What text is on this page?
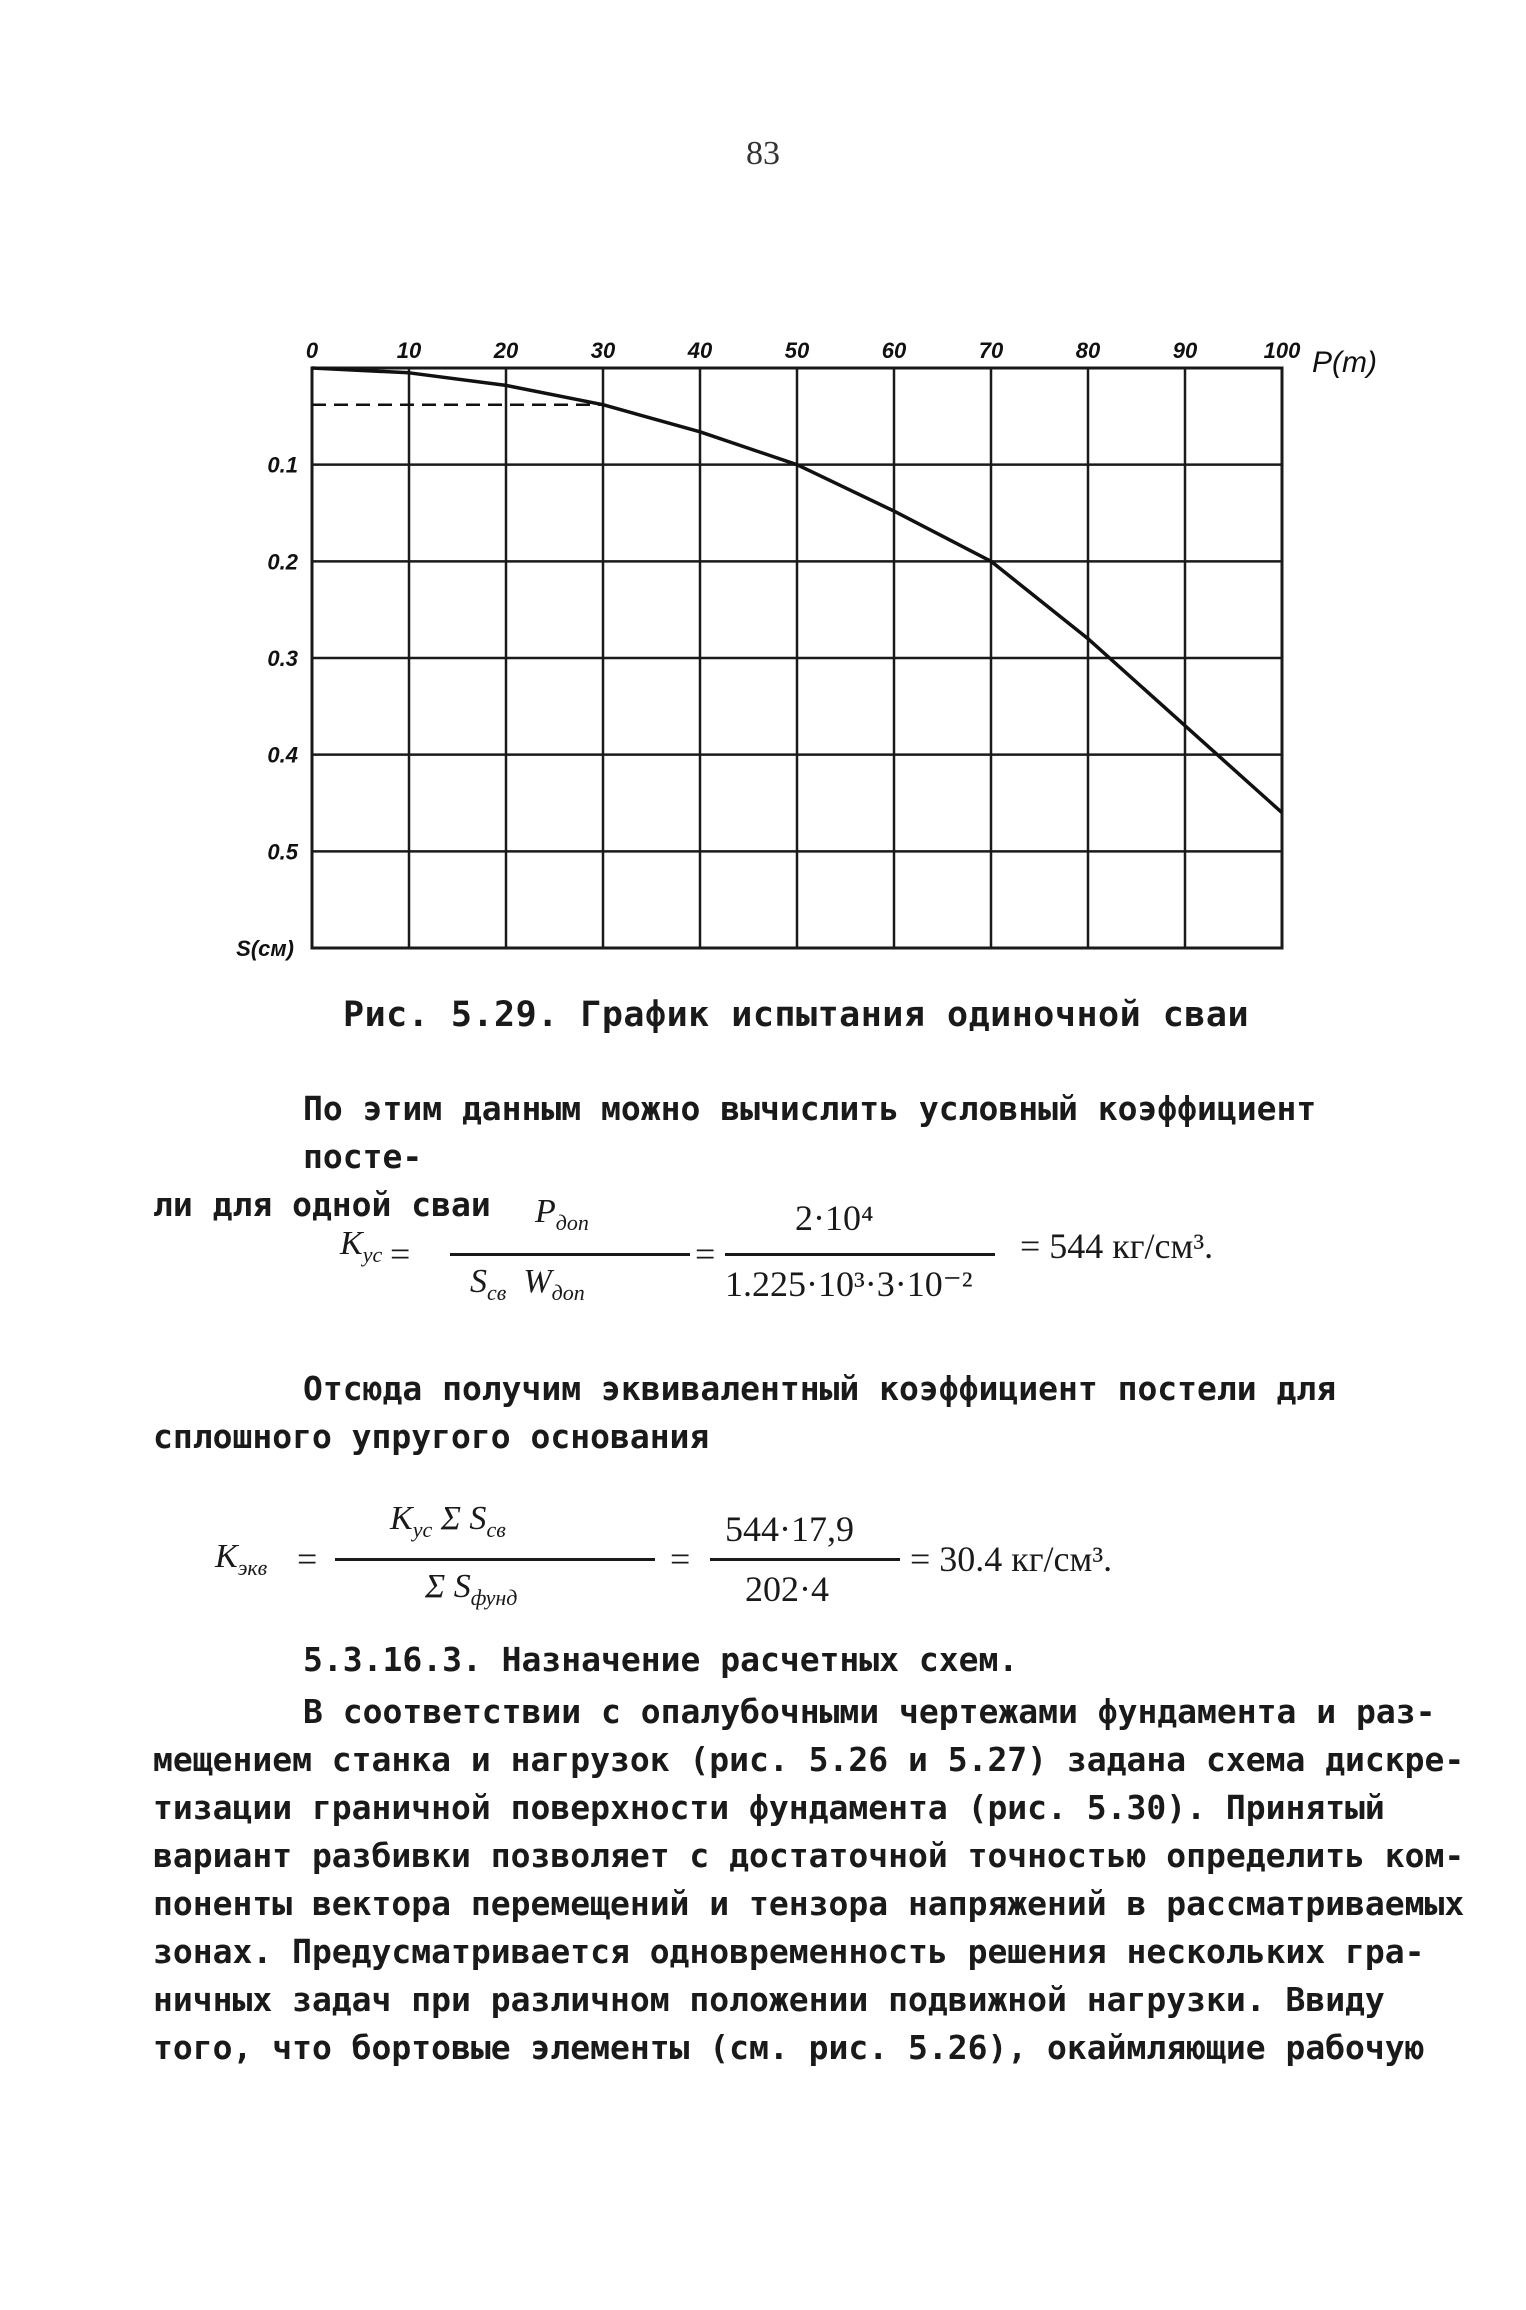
83
0	10	20	30	40	50	60	70	80	90	100
0.1
0.2
0.3
0.4
0.5
P(т)
S(см)
Рис. 5.29. График испытания одиночной сваи
По этим данным можно вычислить условный коэффициент посте-
ли для одной сваи
$K_{ус}$ =
$P_{доп}$
$S_{св}$ $W_{доп}$
=
2·10⁴
1.225·10³·3·10⁻²
= 544 кг/см³.
Отсюда получим эквивалентный коэффициент постели для
сплошного упругого основания
$K_{экв}$ =
$K_{ус}$ Σ $S_{св}$
Σ $S_{фунд}$
=
544·17,9
202·4
= 30.4 кг/см³.
5.3.16.3. Назначение расчетных схем.
В соответствии с опалубочными чертежами фундамента и раз-
мещением станка и нагрузок (рис. 5.26 и 5.27) задана схема дискре-
тизации граничной поверхности фундамента (рис. 5.30). Принятый
вариант разбивки позволяет с достаточной точностью определить ком-
поненты вектора перемещений и тензора напряжений в рассматриваемых
зонах. Предусматривается одновременность решения нескольких гра-
ничных задач при различном положении подвижной нагрузки. Ввиду
того, что бортовые элементы (см. рис. 5.26), окаймляющие рабочую
